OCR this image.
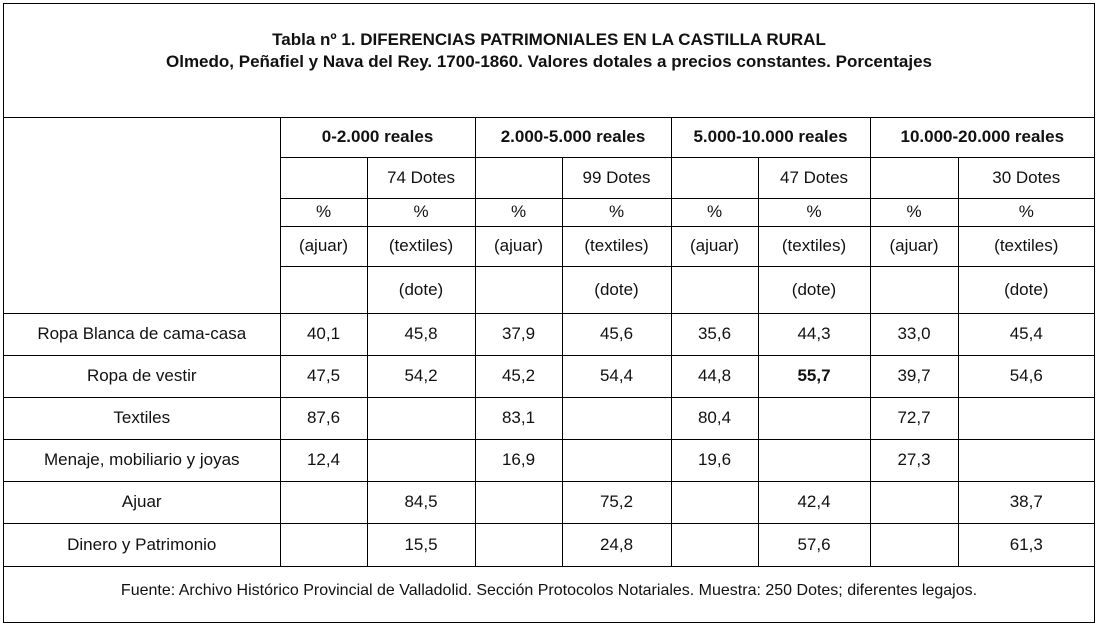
Tabla nº 1. DIFERENCIAS PATRIMONIALES EN LA CASTILLA RURAL
Olmedo, Peñafiel y Nava del Rey. 1700-1860. Valores dotales a precios constantes. Porcentajes
	0-2.000 reales		2.000-5.000 reales		5.000-10.000 reales		10.000-20.000 reales	
		74 Dotes		99 Dotes		47 Dotes		30 Dotes
	%	%	%	%	%	%	%	%
	(ajuar)	(textiles)	(ajuar)	(textiles)	(ajuar)	(textiles)	(ajuar)	(textiles)
		(dote)		(dote)		(dote)		(dote)
Ropa Blanca de cama-casa	40,1	45,8	37,9	45,6	35,6	44,3	33,0	45,4
Ropa de vestir	47,5	54,2	45,2	54,4	44,8	55,7	39,7	54,6
Textiles	87,6		83,1		80,4		72,7	
Menaje, mobiliario y joyas	12,4		16,9		19,6		27,3	
Ajuar		84,5		75,2		42,4		38,7
Dinero y Patrimonio		15,5		24,8		57,6		61,3
Fuente: Archivo Histórico Provincial de Valladolid. Sección Protocolos Notariales. Muestra: 250 Dotes; diferentes legajos.
